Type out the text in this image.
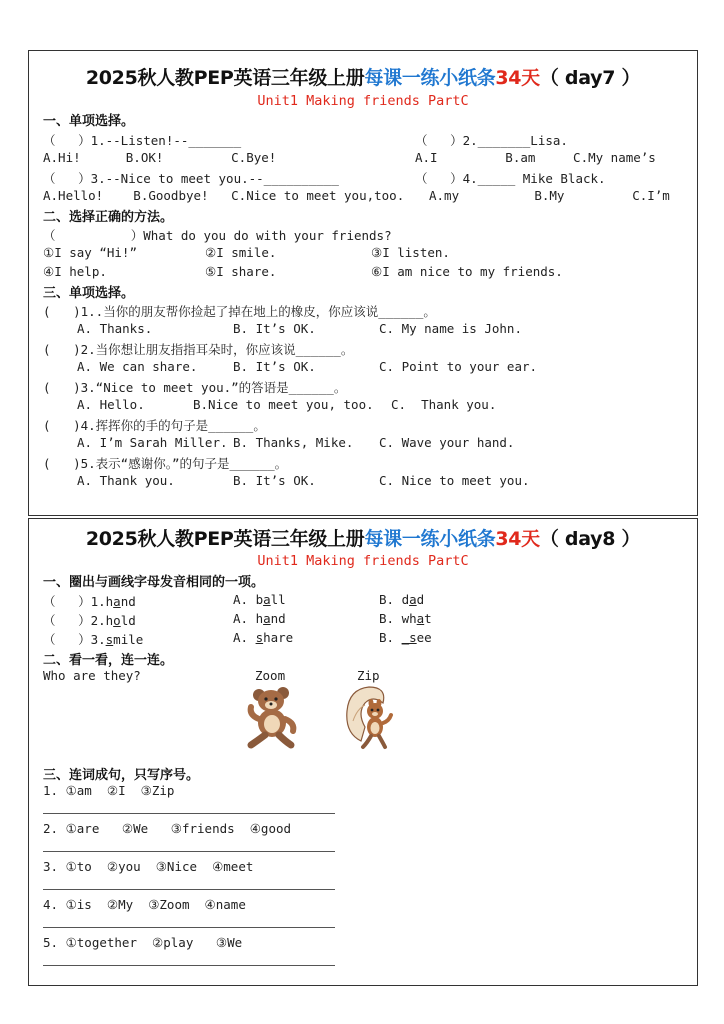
2025秋人教PEP英语三年级上册每课一练小纸条34天（ day7 ）
Unit1 Making friends PartC
一、单项选择。
（   ）1.--Listen!--_______	（   ）2._______Lisa.
A.Hi!      B.OK!         C.Bye!	A.I         B.am     C.My name’s
（   ）3.--Nice to meet you.--__________	（   ）4._____ Mike Black.
A.Hello!    B.Goodbye!   C.Nice to meet you,too. A.my          B.My         C.I’m
二、选择正确的方法。
（          ）What do you do with your friends?
①I say “Hi!”	②I smile.	③I listen.
④I help.	⑤I share.	⑥I am nice to my friends.
三、单项选择。
(   )1..当你的朋友帮你捡起了掉在地上的橡皮，你应该说______。
A. Thanks.	B. It’s OK.	C. My name is John.
(   )2.当你想让朋友指指耳朵时，你应该说______。
A. We can share.	B. It’s OK.	C. Point to your ear.
(   )3.“Nice to meet you.”的答语是______。
A. Hello.	B.Nice to meet you, too. C.  Thank you.
(   )4.挥挥你的手的句子是______。
A. I’m Sarah Miller. B. Thanks, Mike. C. Wave your hand.
(   )5.表示“感谢你。”的句子是______。
A. Thank you.	B. It’s OK.	C. Nice to meet you.
2025秋人教PEP英语三年级上册每课一练小纸条34天（ day8 ）
Unit1 Making friends PartC
一、圈出与画线字母发音相同的一项。
（   ）1.hand	A. ball	B. dad
（   ）2.hold	A. hand	B. what
（   ）3.smile	A. share	B. _see
二、看一看，连一连。
Who are they?	Zoom	Zip
三、连词成句，只写序号。
1. ①am  ②I  ③Zip
2. ①are   ②We   ③friends  ④good
3. ①to  ②you  ③Nice  ④meet
4. ①is  ②My  ③Zoom  ④name
5. ①together  ②play   ③We
